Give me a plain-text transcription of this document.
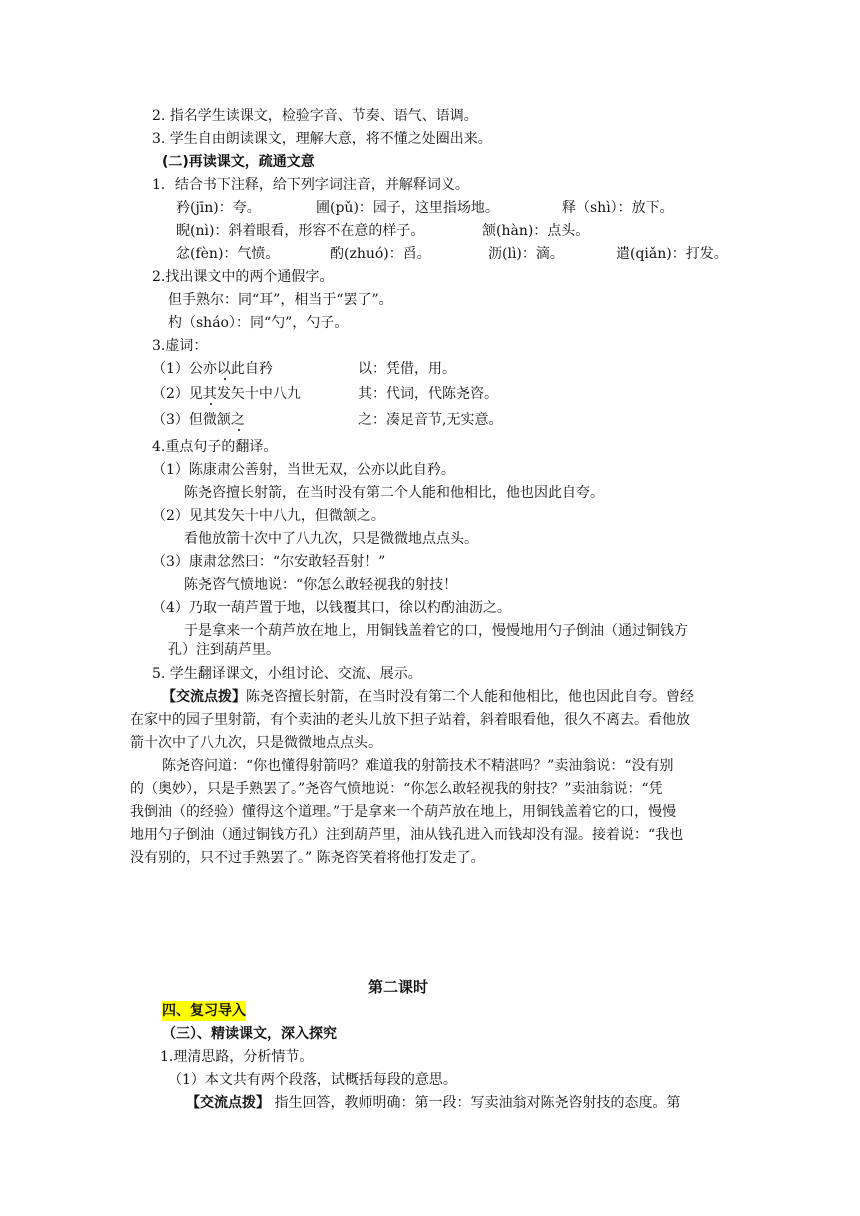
2. 指名学生读课文，检验字音、节奏、语气、语调。
3. 学生自由朗读课文，理解大意，将不懂之处圈出来。
(二)再读课文，疏通文意
1．结合书下注释，给下列字词注音，并解释词义。
矜(jīn)：夸。	圃(pǔ)：园子，这里指场地。	释（shì）：放下。
睨(nì)：斜着眼看，形容不在意的样子。	颔(hàn)：点头。
忿(fèn)：气愤。	酌(zhuó)：舀。	沥(lì)：滴。	遣(qiǎn)：打发。
2.找出课文中的两个通假字。
但手熟尔：同“耳”，相当于“罢了”。
杓（sháo）：同“勺”，勺子。
3.虚词：
（1）公亦以此自矜	以：凭借，用。
（2）见其发矢十中八九	其：代词，代陈尧咨。
（3）但微颔之	之：凑足音节,无实意。
4.重点句子的翻译。
（1）陈康肃公善射，当世无双，公亦以此自矜。
陈尧咨擅长射箭，在当时没有第二个人能和他相比，他也因此自夸。
（2）见其发矢十中八九，但微颔之。
看他放箭十次中了八九次，只是微微地点点头。
（3）康肃忿然曰：“尔安敢轻吾射！”
陈尧咨气愤地说：“你怎么敢轻视我的射技！
（4）乃取一葫芦置于地，以钱覆其口，徐以杓酌油沥之。
于是拿来一个葫芦放在地上，用铜钱盖着它的口，慢慢地用勺子倒油（通过铜钱方
孔）注到葫芦里。
5. 学生翻译课文，小组讨论、交流、展示。
【交流点拨】陈尧咨擅长射箭，在当时没有第二个人能和他相比，他也因此自夸。曾经
在家中的园子里射箭，有个卖油的老头儿放下担子站着，斜着眼看他，很久不离去。看他放
箭十次中了八九次，只是微微地点点头。
陈尧咨问道：“你也懂得射箭吗？难道我的射箭技术不精湛吗？”卖油翁说：“没有别
的（奥妙），只是手熟罢了。”尧咨气愤地说：“你怎么敢轻视我的射技？”卖油翁说：“凭
我倒油（的经验）懂得这个道理。”于是拿来一个葫芦放在地上，用铜钱盖着它的口，慢慢
地用勺子倒油（通过铜钱方孔）注到葫芦里，油从钱孔进入而钱却没有湿。接着说：“我也
没有别的，只不过手熟罢了。” 陈尧咨笑着将他打发走了。
第二课时
四、复习导入
（三）、精读课文，深入探究
1.理清思路，分析情节。
（1）本文共有两个段落，试概括每段的意思。
【交流点拨】 指生回答，教师明确：第一段：写卖油翁对陈尧咨射技的态度。第
